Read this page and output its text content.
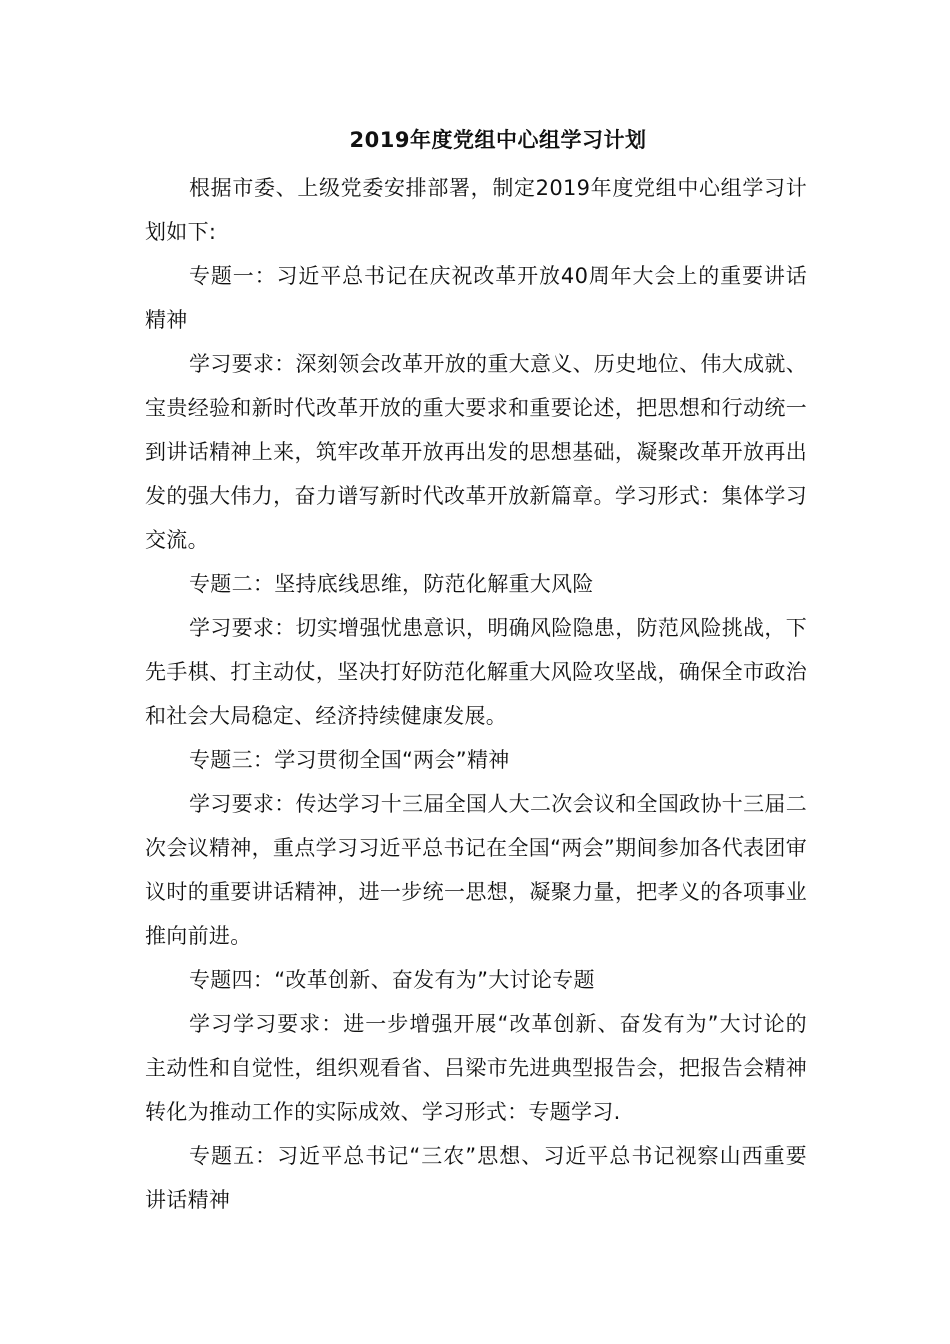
2019年度党组中心组学习计划

根据市委、上级党委安排部署，制定2019年度党组中心组学习计划如下:

专题一：习近平总书记在庆祝改革开放40周年大会上的重要讲话精神

学习要求：深刻领会改革开放的重大意义、历史地位、伟大成就、宝贵经验和新时代改革开放的重大要求和重要论述，把思想和行动统一到讲话精神上来，筑牢改革开放再出发的思想基础，凝聚改革开放再出发的强大伟力，奋力谱写新时代改革开放新篇章。学习形式：集体学习交流。

专题二：坚持底线思维，防范化解重大风险

学习要求：切实增强忧患意识，明确风险隐患，防范风险挑战，下先手棋、打主动仗，坚决打好防范化解重大风险攻坚战，确保全市政治和社会大局稳定、经济持续健康发展。

专题三：学习贯彻全国“两会”精神

学习要求：传达学习十三届全国人大二次会议和全国政协十三届二次会议精神，重点学习习近平总书记在全国“两会”期间参加各代表团审议时的重要讲话精神，进一步统一思想，凝聚力量，把孝义的各项事业推向前进。

专题四：“改革创新、奋发有为”大讨论专题

学习学习要求：进一步增强开展“改革创新、奋发有为”大讨论的主动性和自觉性，组织观看省、吕梁市先进典型报告会，把报告会精神转化为推动工作的实际成效、学习形式：专题学习.

专题五：习近平总书记“三农”思想、习近平总书记视察山西重要讲话精神
